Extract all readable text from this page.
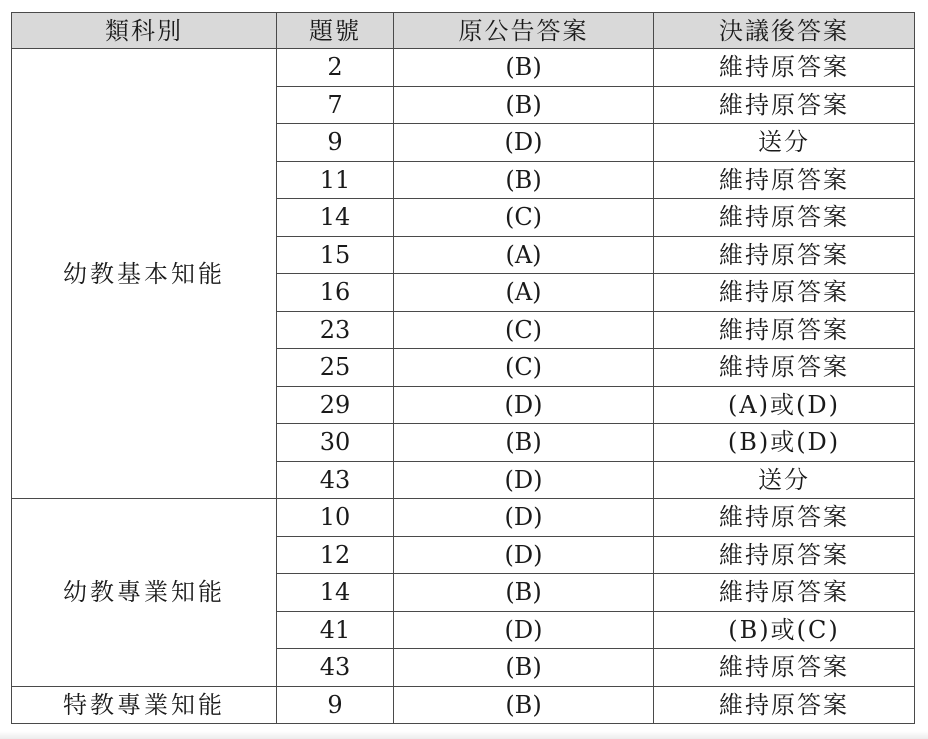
類科別	題號	原公告答案	決議後答案
幼教基本知能	2	(B)	維持原答案
	7	(B)	維持原答案
	9	(D)	送分
	11	(B)	維持原答案
	14	(C)	維持原答案
	15	(A)	維持原答案
	16	(A)	維持原答案
	23	(C)	維持原答案
	25	(C)	維持原答案
	29	(D)	(A)或(D)
	30	(B)	(B)或(D)
	43	(D)	送分
幼教專業知能	10	(D)	維持原答案
	12	(D)	維持原答案
	14	(B)	維持原答案
	41	(D)	(B)或(C)
	43	(B)	維持原答案
特教專業知能	9	(B)	維持原答案
